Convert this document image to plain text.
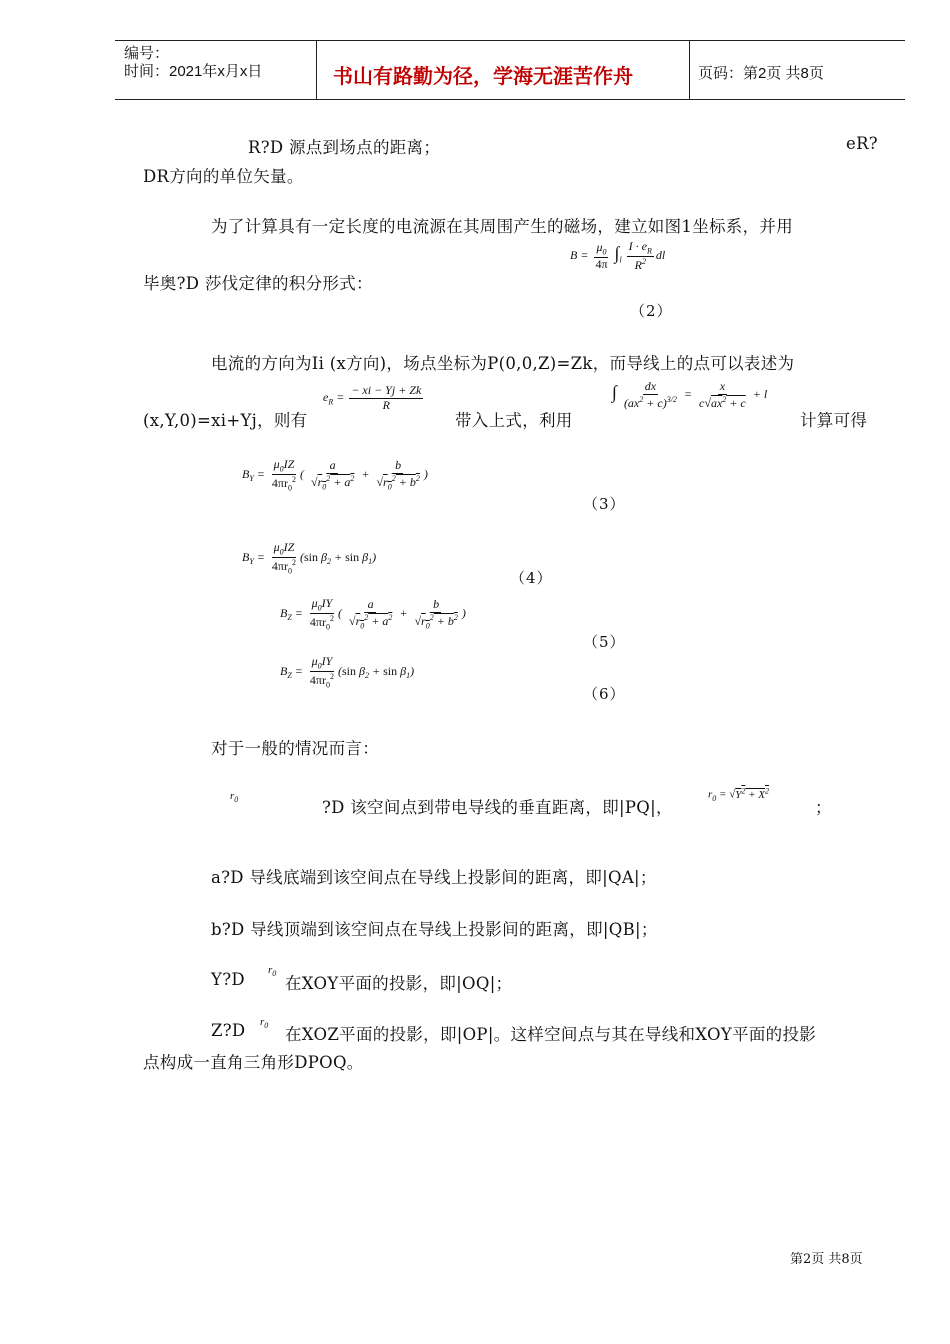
编号：
时间：2021年x月x日	书山有路勤为径，学海无涯苦作舟	页码：第2页 共8页
R?D 源点到场点的距离；	eR?
DR方向的单位矢量。
为了计算具有一定长度的电流源在其周围产生的磁场，建立如图1坐标系，并用
毕奥?D 莎伐定律的积分形式：
$B = \frac{\mu_0}{4\pi} \int_l \frac{I \cdot e_R}{R^2}$ dl
（2）
电流的方向为Ii (x方向)，场点坐标为P(0,0,Z)=Zk，而导线上的点可以表述为
(x,Y,0)=xi+Yj，则有
$e_R = \frac{- xi - Yj + Zk}{R}$
带入上式，利用
∫ $\frac{dx}{(ax^2 + c)^{3/2}} = \frac{x}{c√ax^2 + c} + l$
计算可得
$B_Y = \frac{\mu_0IZ}{4\pi r_0^2}$ ( $\frac{a}{√r_0^2 + a^2} + \frac{b}{√r_0^2 + b^2}$ )
（3）
$B_Y = \frac{\mu_0IZ}{4\pi r_0^2} (\sin$ $\beta_2 + \sin \beta_1$)
（4）
$B_Z = \frac{\mu_0IY}{4\pi r_0^2}$ ( $\frac{a}{√r_0^2 + a^2} + \frac{b}{√r_0^2 + b^2}$ )
（5）
$B_Z = \frac{\mu_0IY}{4\pi r_0^2} (\sin$ $\beta_2 + \sin \beta_1$)
（6）
对于一般的情况而言：
$r_0$	?D 该空间点到带电导线的垂直距离，即|PQ|，
$r_0 = √Y^2 + X^2$
；
a?D 导线底端到该空间点在导线上投影间的距离，即|QA|；
b?D 导线顶端到该空间点在导线上投影间的距离，即|QB|；
Y?D $r_0$
在XOY平面的投影，即|OQ|；
Z?D $r_0$ 在XOZ平面的投影，即|OP|。这样空间点与其在导线和XOY平面的投影
点构成一直角三角形DPOQ。
第2页 共8页
